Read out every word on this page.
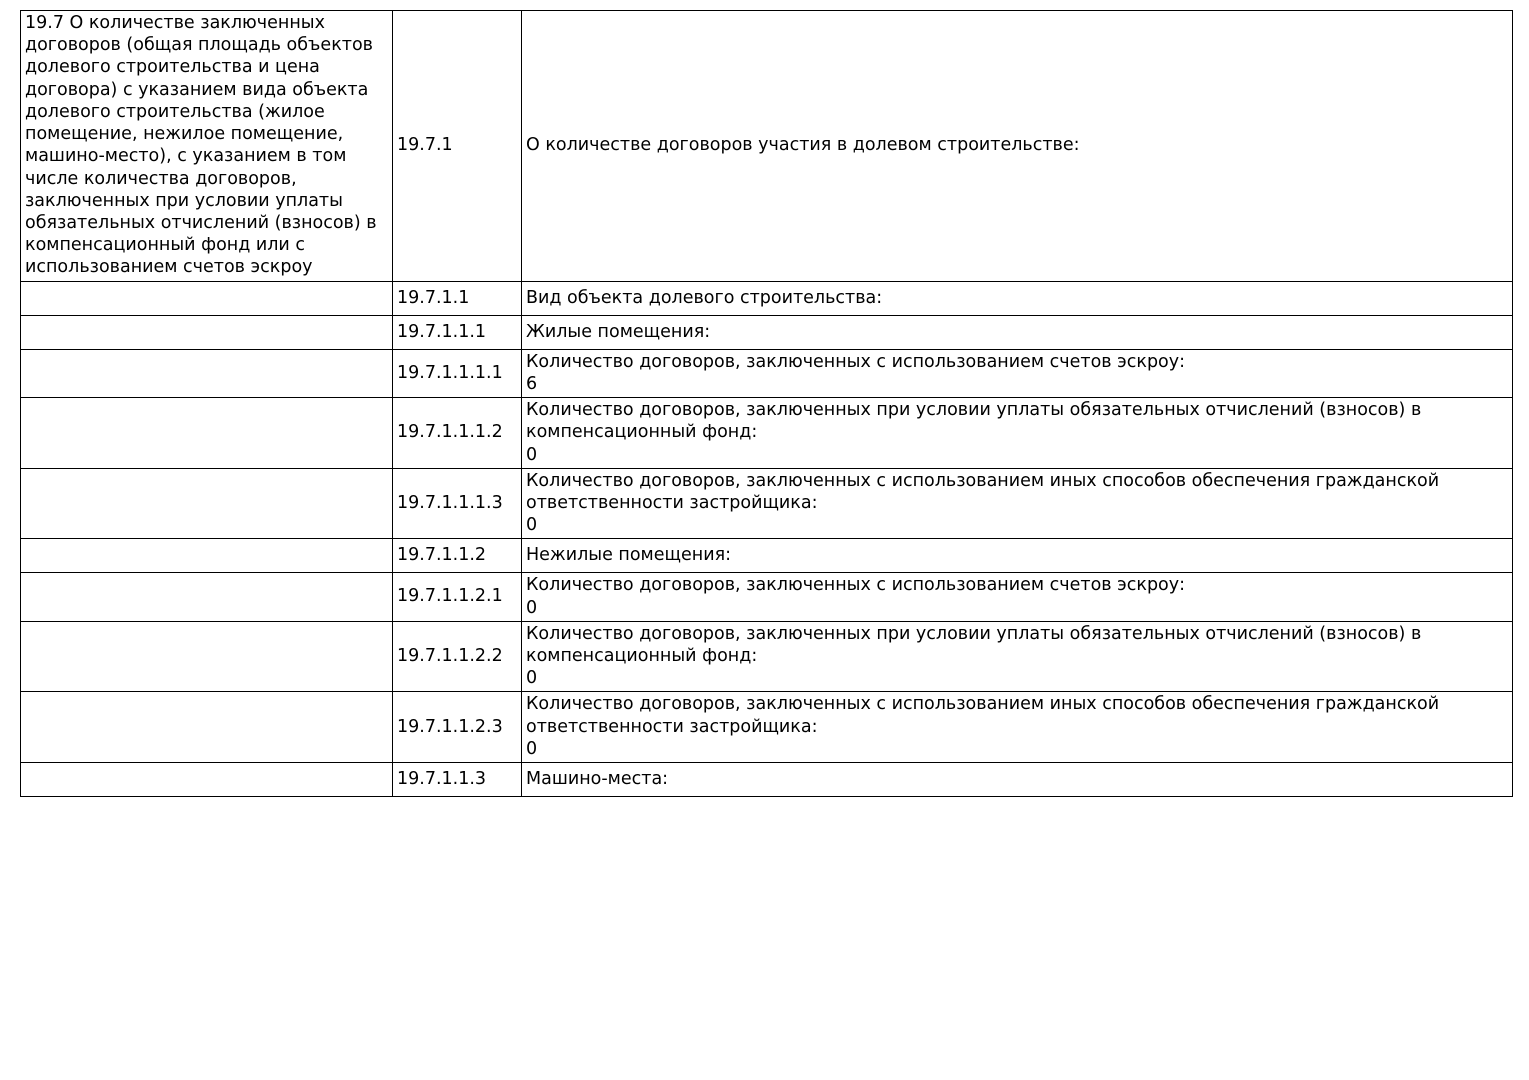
19.7 О количестве заключенных договоров (общая площадь объектов долевого строительства и цена договора) с указанием вида объекта долевого строительства (жилое помещение, нежилое помещение, машино-место), с указанием в том числе количества договоров, заключенных при условии уплаты обязательных отчислений (взносов) в компенсационный фонд или с использованием счетов эскроу	19.7.1	О количестве договоров участия в долевом строительстве:

	19.7.1.1	Вид объекта долевого строительства:

	19.7.1.1.1	Жилые помещения:

	19.7.1.1.1.1	Количество договоров, заключенных с использованием счетов эскроу:
6

	19.7.1.1.1.2	Количество договоров, заключенных при условии уплаты обязательных отчислений (взносов) в компенсационный фонд:
0

	19.7.1.1.1.3	Количество договоров, заключенных с использованием иных способов обеспечения гражданской ответственности застройщика:
0

	19.7.1.1.2	Нежилые помещения:

	19.7.1.1.2.1	Количество договоров, заключенных с использованием счетов эскроу:
0

	19.7.1.1.2.2	Количество договоров, заключенных при условии уплаты обязательных отчислений (взносов) в компенсационный фонд:
0

	19.7.1.1.2.3	Количество договоров, заключенных с использованием иных способов обеспечения гражданской ответственности застройщика:
0

	19.7.1.1.3	Машино-места:
